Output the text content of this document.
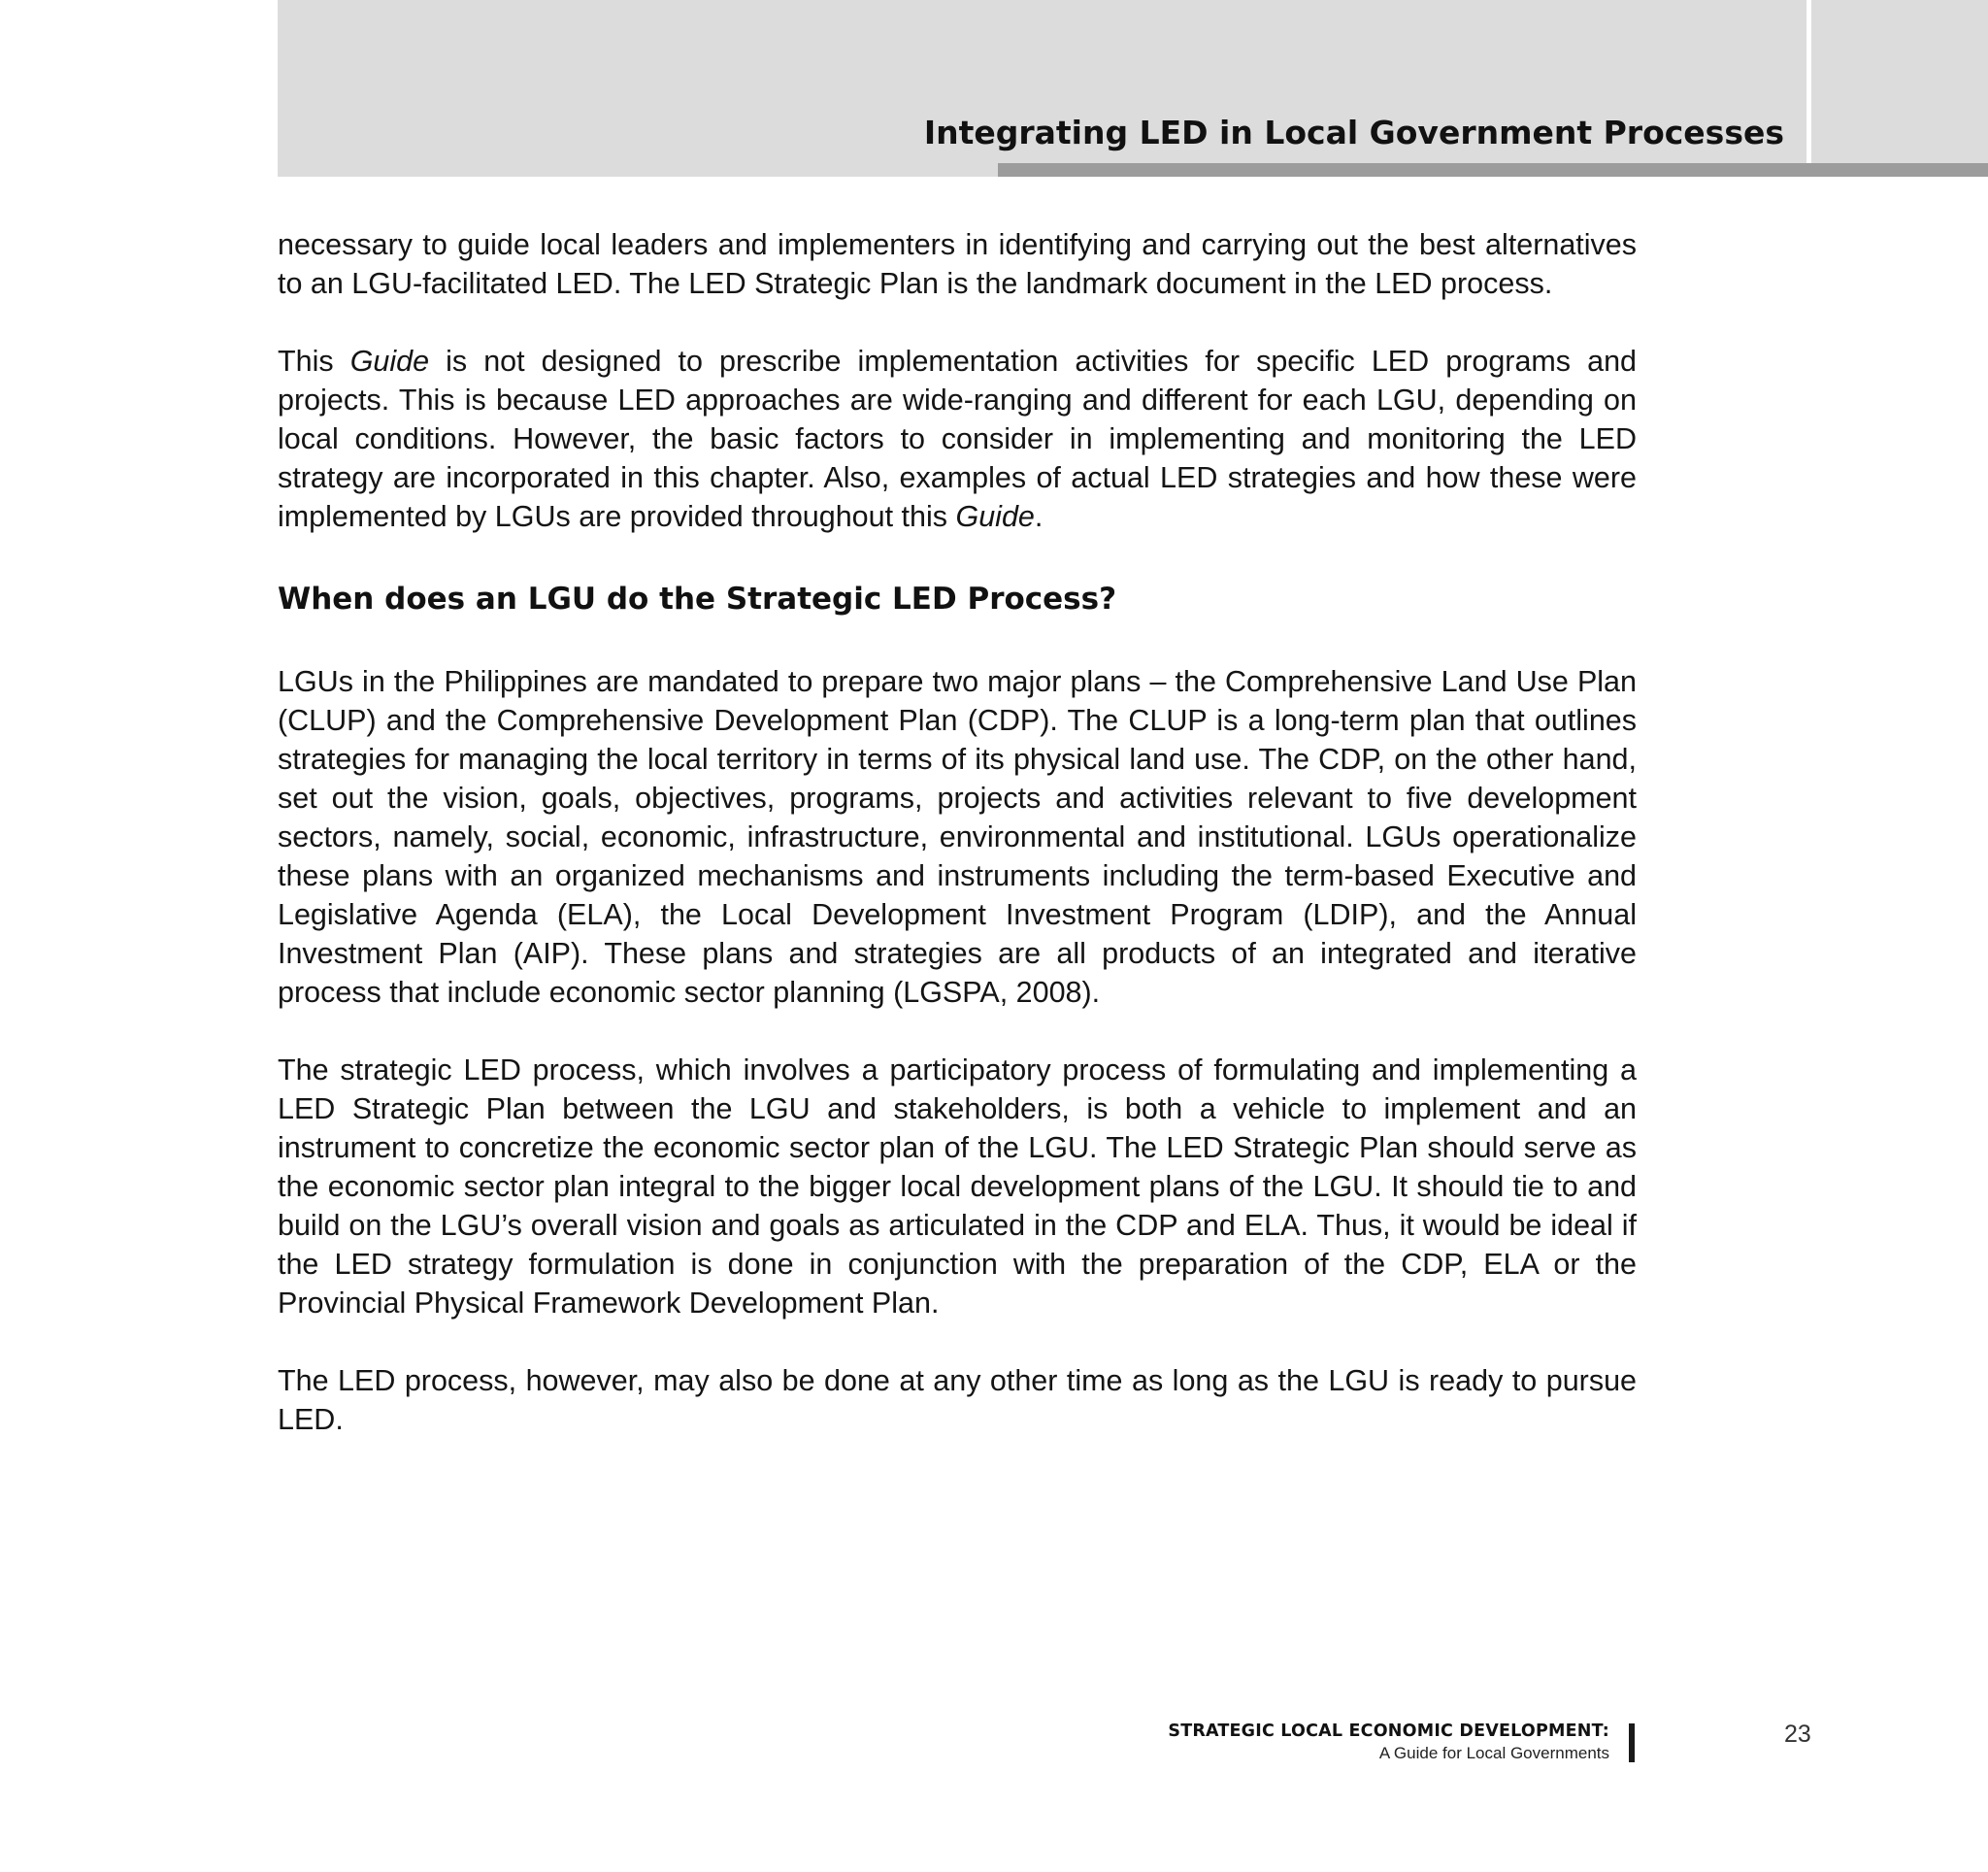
Integrating LED in Local Government Processes

necessary to guide local leaders and implementers in identifying and carrying out the best alternatives to an LGU-facilitated LED. The LED Strategic Plan is the landmark document in the LED process.

This Guide is not designed to prescribe implementation activities for specific LED programs and projects. This is because LED approaches are wide-ranging and different for each LGU, depending on local conditions. However, the basic factors to consider in implementing and monitoring the LED strategy are incorporated in this chapter. Also, examples of actual LED strategies and how these were implemented by LGUs are provided throughout this Guide.

When does an LGU do the Strategic LED Process?

LGUs in the Philippines are mandated to prepare two major plans – the Comprehensive Land Use Plan (CLUP) and the Comprehensive Development Plan (CDP). The CLUP is a long-term plan that outlines strategies for managing the local territory in terms of its physical land use. The CDP, on the other hand, set out the vision, goals, objectives, programs, projects and activities relevant to five development sectors, namely, social, economic, infrastructure, environmental and institutional. LGUs operationalize these plans with an organized mechanisms and instruments including the term-based Executive and Legislative Agenda (ELA), the Local Development Investment Program (LDIP), and the Annual Investment Plan (AIP). These plans and strategies are all products of an integrated and iterative process that include economic sector planning (LGSPA, 2008).

The strategic LED process, which involves a participatory process of formulating and implementing a LED Strategic Plan between the LGU and stakeholders, is both a vehicle to implement and an instrument to concretize the economic sector plan of the LGU. The LED Strategic Plan should serve as the economic sector plan integral to the bigger local development plans of the LGU. It should tie to and build on the LGU’s overall vision and goals as articulated in the CDP and ELA. Thus, it would be ideal if the LED strategy formulation is done in conjunction with the preparation of the CDP, ELA or the Provincial Physical Framework Development Plan.

The LED process, however, may also be done at any other time as long as the LGU is ready to pursue LED.

STRATEGIC LOCAL ECONOMIC DEVELOPMENT:
A Guide for Local Governments
23
